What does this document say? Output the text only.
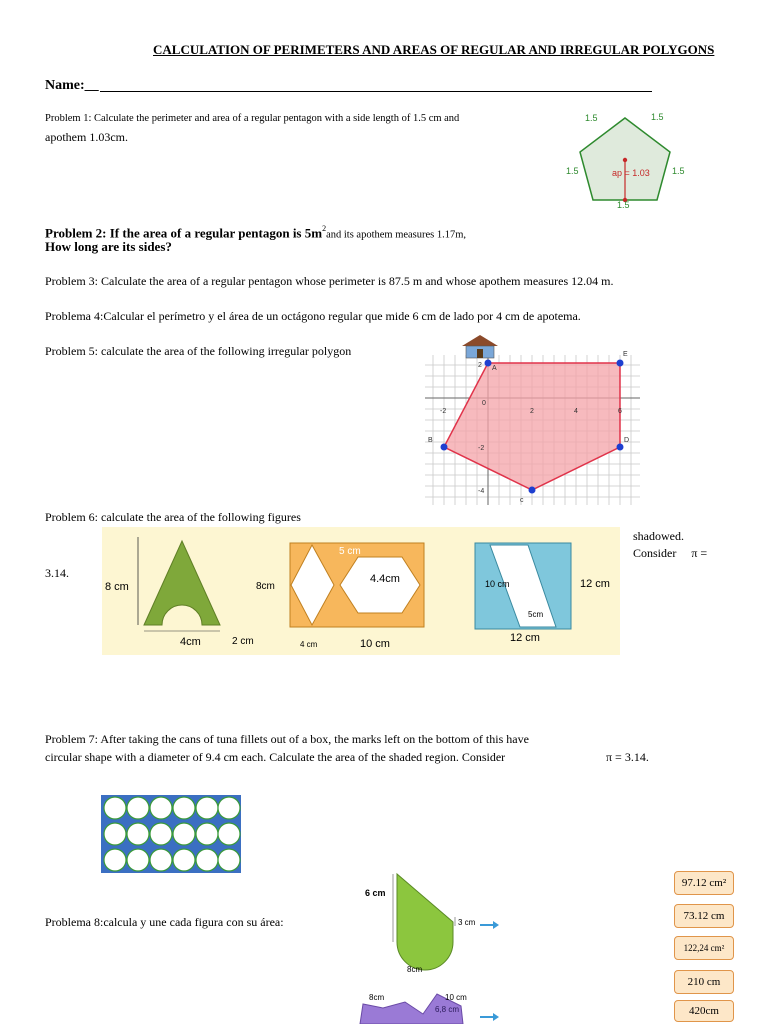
CALCULATION OF PERIMETERS AND AREAS OF REGULAR AND IRREGULAR POLYGONS
Name:__
Problem 1: Calculate the perimeter and area of a regular pentagon with a side length of 1.5 cm and
apothem 1.03cm.
1.5	1.5
1.5	1.5
1.5
ap = 1.03
Problem 2: If the area of a regular pentagon is $5m^2and$ its apothem measures 1.17m,
How long are its sides?
Problem 3: Calculate the area of a regular pentagon whose perimeter is 87.5 m and whose apothem measures 12.04 m.
Problema 4:Calcular el perímetro y el área de un octágono regular que mide 6 cm de lado por 4 cm de apotema.
Problem 5: calculate the area of the following irregular polygon
A
E
B	D
c
-2
0
2	4	6
2
-2
-4
Problem 6: calculate the area of the following figures
shadowed.
Consider π =
3.14.
8 cm
4cm	2 cm
5 cm
4.4cm
8cm
4 cm	10 cm
10 cm
5cm
12 cm
12 cm
Problem 7: After taking the cans of tuna fillets out of a box, the marks left on the bottom of this have
circular shape with a diameter of 9.4 cm each. Calculate the area of the shaded region. Consider	π = 3.14.
Problema 8:calcula y une cada figura con su área:
6 cm
3 cm
8cm
8cm	10 cm
6,8 cm
97.12 cm²
73.12 cm
122,24 cm²
210 cm
420cm
